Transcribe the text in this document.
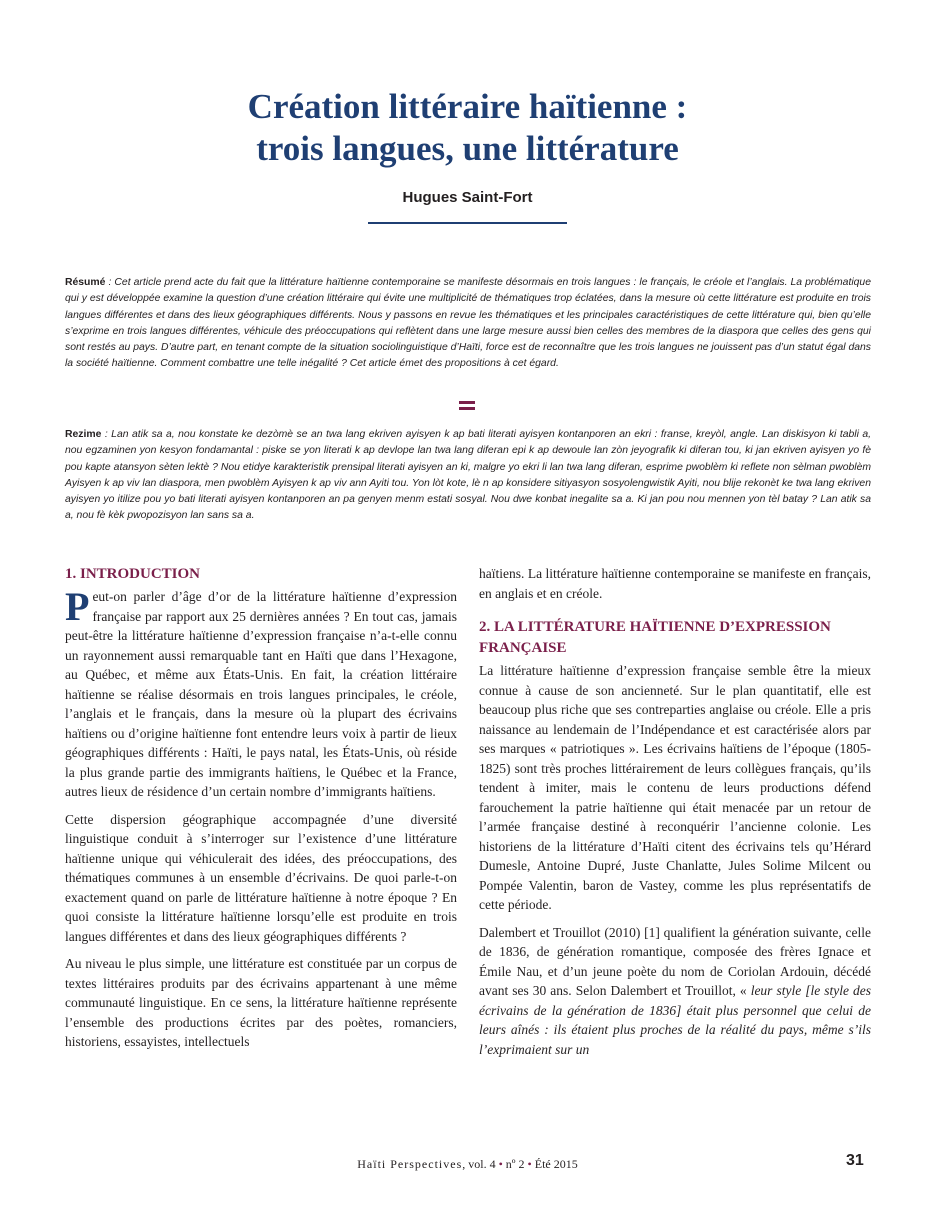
Création littéraire haïtienne :
trois langues, une littérature
Hugues Saint-Fort

Résumé : Cet article prend acte du fait que la littérature haïtienne contemporaine se manifeste désormais en trois langues : le français, le créole et l’anglais. La problématique qui y est développée examine la question d’une création littéraire qui évite une multiplicité de thématiques trop éclatées, dans la mesure où cette littérature est produite en trois langues différentes et dans des lieux géographiques différents. Nous y passons en revue les thématiques et les principales caractéristiques de cette littérature qui, bien qu’elle s’exprime en trois langues différentes, véhicule des préoccupations qui reflètent dans une large mesure aussi bien celles des membres de la diaspora que celles des gens qui sont restés au pays. D’autre part, en tenant compte de la situation sociolinguistique d’Haïti, force est de reconnaître que les trois langues ne jouissent pas d’un statut égal dans la société haïtienne. Comment combattre une telle inégalité ? Cet article émet des propositions à cet égard.

Rezime : Lan atik sa a, nou konstate ke dezòmè se an twa lang ekriven ayisyen k ap bati literati ayisyen kontanporen an ekri : franse, kreyòl, angle. Lan diskisyon ki tabli a, nou egzaminen yon kesyon fondamantal : piske se yon literati k ap devlope lan twa lang diferan epi k ap dewoule lan zòn jeyografik ki diferan tou, ki jan ekriven ayisyen yo fè pou kapte atansyon sèten lektè ? Nou etidye karakteristik prensipal literati ayisyen an ki, malgre yo ekri li lan twa lang diferan, esprime pwoblèm ki reflete non sèlman pwoblèm Ayisyen k ap viv lan diaspora, men pwoblèm Ayisyen k ap viv ann Ayiti tou. Yon lòt kote, lè n ap konsidere sitiyasyon sosyolengwistik Ayiti, nou blije rekonèt ke twa lang ekriven ayisyen yo itilize pou yo bati literati ayisyen kontanporen an pa genyen menm estati sosyal. Nou dwe konbat inegalite sa a. Ki jan pou nou mennen yon tèl batay ? Lan atik sa a, nou fè kèk pwopozisyon lan sans sa a.

1. INTRODUCTION

Peut-on parler d’âge d’or de la littérature haïtienne d’expression française par rapport aux 25 dernières années ? En tout cas, jamais peut-être la littérature haïtienne d’expression française n’a-t-elle connu un rayonnement aussi remarquable tant en Haïti que dans l’Hexagone, au Québec, et même aux États-Unis. En fait, la création littéraire haïtienne se réalise désormais en trois langues principales, le créole, l’anglais et le français, dans la mesure où la plupart des écrivains haïtiens ou d’origine haïtienne font entendre leurs voix à partir de lieux géographiques différents : Haïti, le pays natal, les États-Unis, où réside la plus grande partie des immigrants haïtiens, le Québec et la France, autres lieux de résidence d’un certain nombre d’immigrants haïtiens.

Cette dispersion géographique accompagnée d’une diversité linguistique conduit à s’interroger sur l’existence d’une littérature haïtienne unique qui véhiculerait des idées, des préoccupations, des thématiques communes à un ensemble d’écrivains. De quoi parle-t-on exactement quand on parle de littérature haïtienne à notre époque ? En quoi consiste la littérature haïtienne lorsqu’elle est produite en trois langues différentes et dans des lieux géographiques différents ?

Au niveau le plus simple, une littérature est constituée par un corpus de textes littéraires produits par des écrivains appartenant à une même communauté linguistique. En ce sens, la littérature haïtienne représente l’ensemble des productions écrites par des poètes, romanciers, historiens, essayistes, intellectuels

haïtiens. La littérature haïtienne contemporaine se manifeste en français, en anglais et en créole.

2. LA LITTÉRATURE HAÏTIENNE D’EXPRESSION FRANÇAISE

La littérature haïtienne d’expression française semble être la mieux connue à cause de son ancienneté. Sur le plan quantitatif, elle est beaucoup plus riche que ses contreparties anglaise ou créole. Elle a pris naissance au lendemain de l’Indépendance et est caractérisée alors par ses marques « patriotiques ». Les écrivains haïtiens de l’époque (1805-1825) sont très proches littérairement de leurs collègues français, qu’ils tendent à imiter, mais le contenu de leurs productions défend farouchement la patrie haïtienne qui était menacée par un retour de l’armée française destiné à reconquérir l’ancienne colonie. Les historiens de la littérature d’Haïti citent des écrivains tels qu’Hérard Dumesle, Antoine Dupré, Juste Chanlatte, Jules Solime Milcent ou Pompée Valentin, baron de Vastey, comme les plus représentatifs de cette période.

Dalembert et Trouillot (2010) [1] qualifient la génération suivante, celle de 1836, de génération romantique, composée des frères Ignace et Émile Nau, et d’un jeune poète du nom de Coriolan Ardouin, décédé avant ses 30 ans. Selon Dalembert et Trouillot, « leur style [le style des écrivains de la génération de 1836] était plus personnel que celui de leurs aînés : ils étaient plus proches de la réalité du pays, même s’ils l’exprimaient sur un

Haïti Perspectives, vol. 4 • nº 2 • Été 2015	31
